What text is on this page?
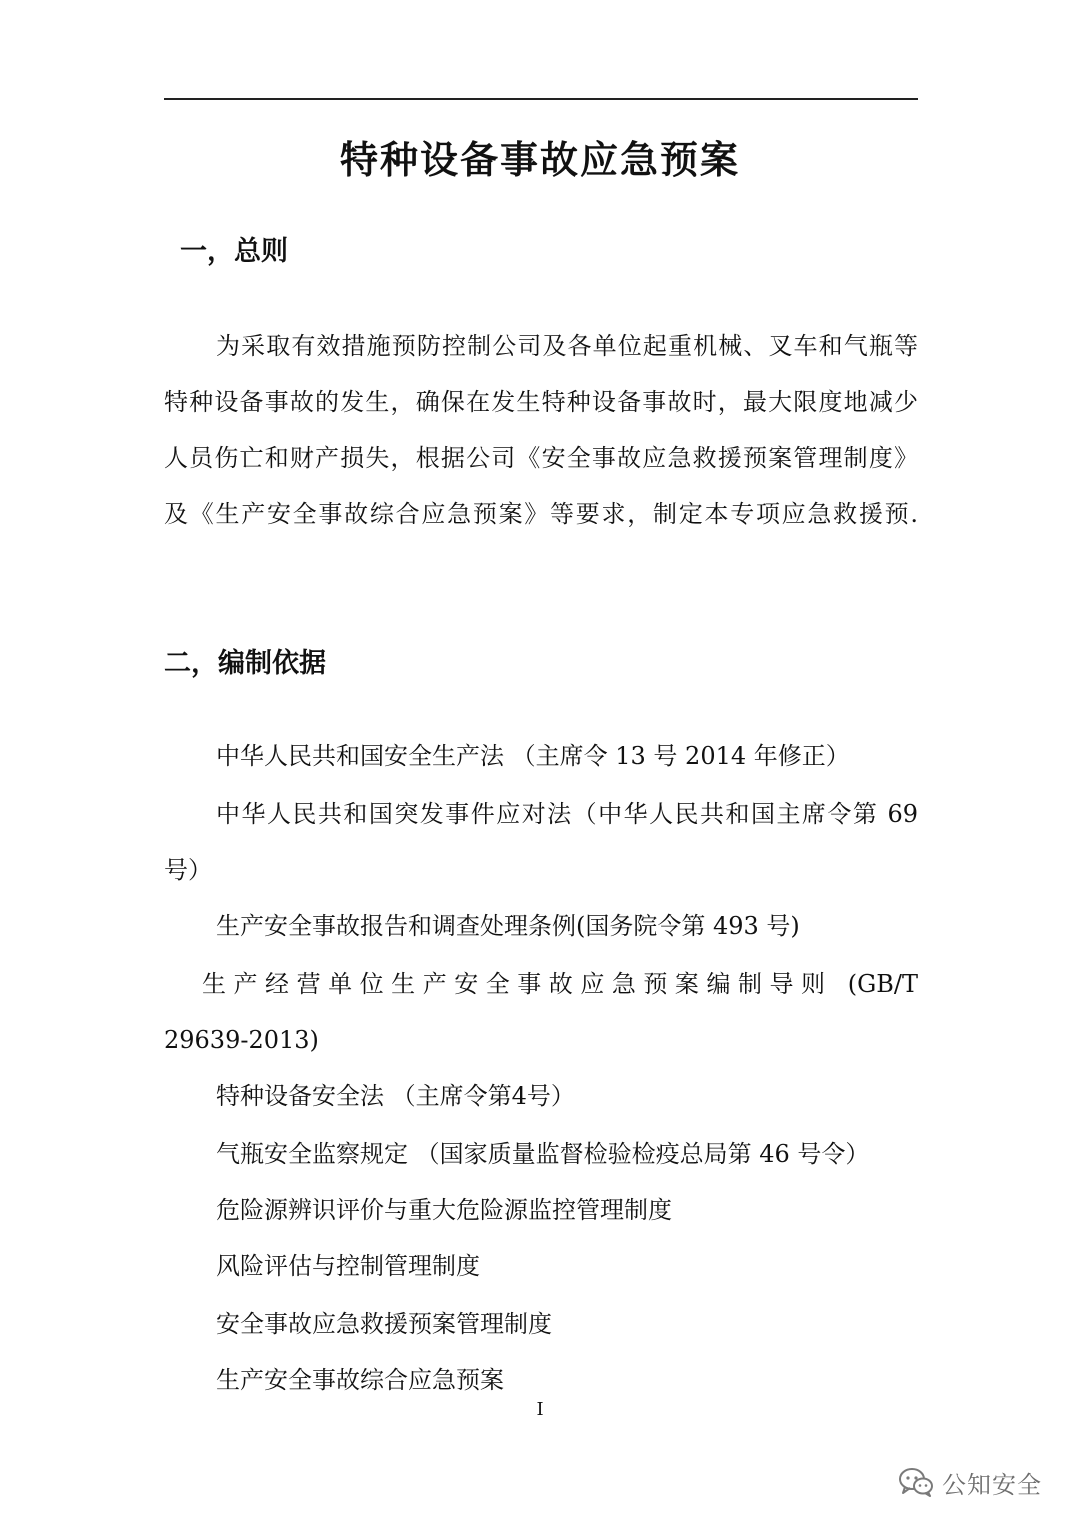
特种设备事故应急预案
一，总则
为采取有效措施预防控制公司及各单位起重机械、叉车和气瓶等
特种设备事故的发生，确保在发生特种设备事故时，最大限度地减少
人员伤亡和财产损失，根据公司《安全事故应急救援预案管理制度》
及《生产安全事故综合应急预案》等要求，制定本专项应急救援预.
二，编制依据
中华人民共和国安全生产法 （主席令 13 号 2014 年修正）
中华人民共和国突发事件应对法（中华人民共和国主席令第 69
号）
生产安全事故报告和调查处理条例(国务院令第 493 号)
生产经营单位生产安全事故应急预案编制导则 (GB/T
29639-2013)
特种设备安全法 （主席令第4号）
气瓶安全监察规定 （国家质量监督检验检疫总局第 46 号令）
危险源辨识评价与重大危险源监控管理制度
风险评估与控制管理制度
安全事故应急救援预案管理制度
生产安全事故综合应急预案
I
公知安全
